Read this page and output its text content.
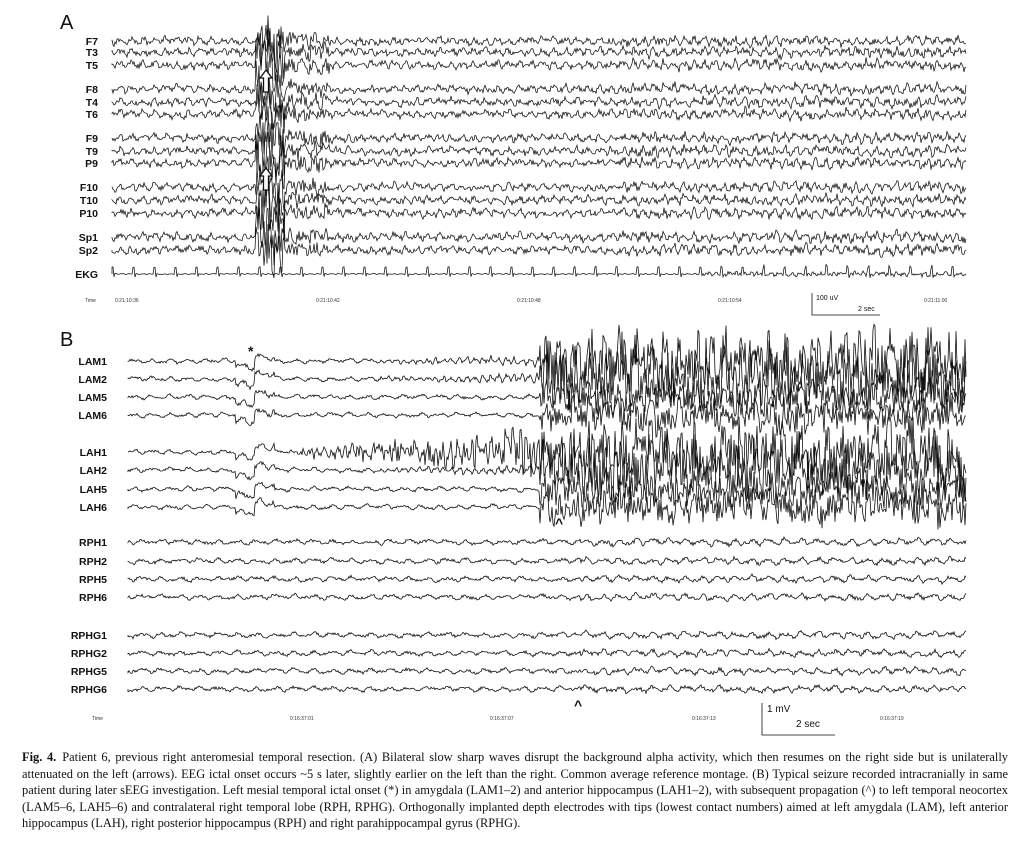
A
F7
T3
T5
F8
T4
T6
F9
T9
P9
F10
T10
P10
Sp1
Sp2
EKG
Time	0:21:10:36	0:21:10:42	0:21:10:48	0:21:10:54	0:21:11:00
100 uV
2 sec
B
LAM1
LAM2
LAM5
LAM6
LAH1
LAH2
LAH5
LAH6
RPH1
RPH2
RPH5
RPH6
RPHG1
RPHG2
RPHG5
RPHG6
*
^
^
Time	0:16:37:01	0:16:37:07	0:16:37:13	0:16:37:19
1 mV
2 sec
Fig. 4. Patient 6, previous right anteromesial temporal resection. (A) Bilateral slow sharp waves disrupt the background alpha activity, which then resumes on the right side but is unilaterally attenuated on the left (arrows). EEG ictal onset occurs ~5 s later, slightly earlier on the left than the right. Common average reference montage. (B) Typical seizure recorded intracranially in same patient during later sEEG investigation. Left mesial temporal ictal onset (*) in amygdala (LAM1–2) and anterior hippocampus (LAH1–2), with subsequent propagation (^) to left temporal neocortex (LAM5–6, LAH5–6) and contralateral right temporal lobe (RPH, RPHG). Orthogonally implanted depth electrodes with tips (lowest contact numbers) aimed at left amygdala (LAM), left anterior hippocampus (LAH), right posterior hippocampus (RPH) and right parahippocampal gyrus (RPHG).
